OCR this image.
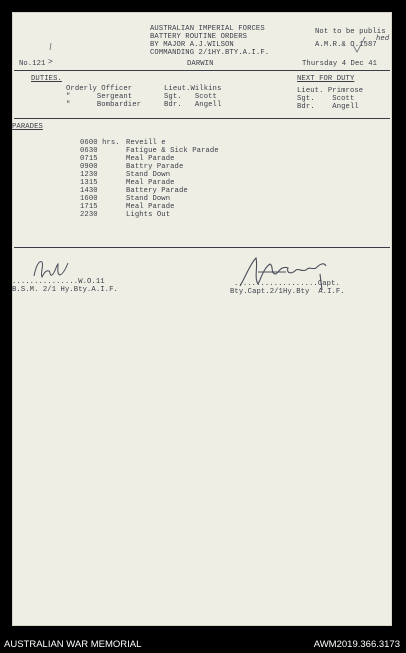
AUSTRALIAN IMPERIAL FORCES
BATTERY ROUTINE ORDERS
BY MAJOR A.J.WILSON
COMMANDING 2/1HY.BTY.A.I.F.
Not to be publis
hed
A.M.R.& O.1587
No.121 >	DARWIN	Thursday 4 Dec 41
DUTIES.	NEXT FOR DUTY
Orderly Officer	Lieut.Wilkins	Lieut. Primrose
"      Sergeant	Sgt.   Scott	Sgt.    Scott
"      Bombardier	Bdr.   Angell	Bdr.    Angell
PARADES
0600 hrs. Reveill e
0630	Fatigue & Sick Parade
0715	Meal Parade
0900	Battry Parade
1230	Stand Down
1315	Meal Parade
1430	Battery Parade
1600	Stand Down
1715	Meal Parade
2230	Lights Out
...............W.O.11
B.S.M. 2/1 Hy.Bty.A.I.F.
...................Capt.
Bty.Capt.2/1Hy.Bty  A.I.F.
AUSTRALIAN WAR MEMORIAL	AWM2019.366.3173
